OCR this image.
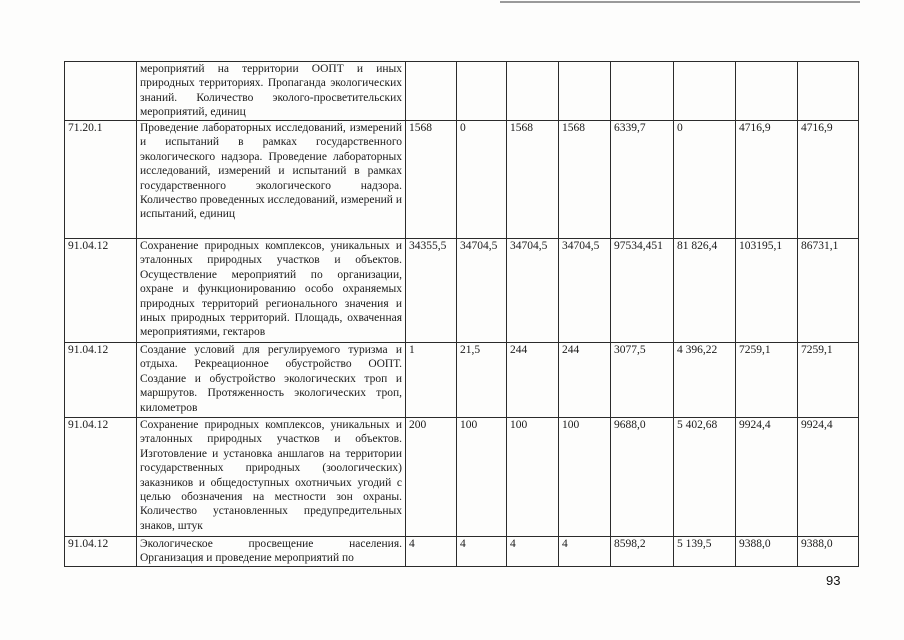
	мероприятий на территории ООПТ и иных природных территориях. Пропаганда экологических знаний. Количество эколого-просветительских мероприятий, единиц								
71.20.1	Проведение лабораторных исследований, измерений и испытаний в рамках государственного экологического надзора. Проведение лабораторных исследований, измерений и испытаний в рамках государственного экологического надзора. Количество проведенных исследований, измерений и испытаний, единиц	1568	0	1568	1568	6339,7	0	4716,9	4716,9
91.04.12	Сохранение природных комплексов, уникальных и эталонных природных участков и объектов. Осуществление мероприятий по организации, охране и функционированию особо охраняемых природных территорий регионального значения и иных природных территорий. Площадь, охваченная мероприятиями, гектаров	34355,5	34704,5	34704,5	34704,5	97534,451	81 826,4	103195,1	86731,1
91.04.12	Создание условий для регулируемого туризма и отдыха. Рекреационное обустройство ООПТ. Создание и обустройство экологических троп и маршрутов. Протяженность экологических троп, километров	1	21,5	244	244	3077,5	4 396,22	7259,1	7259,1
91.04.12	Сохранение природных комплексов, уникальных и эталонных природных участков и объектов. Изготовление и установка аншлагов на территории государственных природных (зоологических) заказников и общедоступных охотничьих угодий с целью обозначения на местности зон охраны. Количество установленных предупредительных знаков, штук	200	100	100	100	9688,0	5 402,68	9924,4	9924,4
91.04.12	Экологическое просвещение населения. Организация и проведение мероприятий по	4	4	4	4	8598,2	5 139,5	9388,0	9388,0
93
